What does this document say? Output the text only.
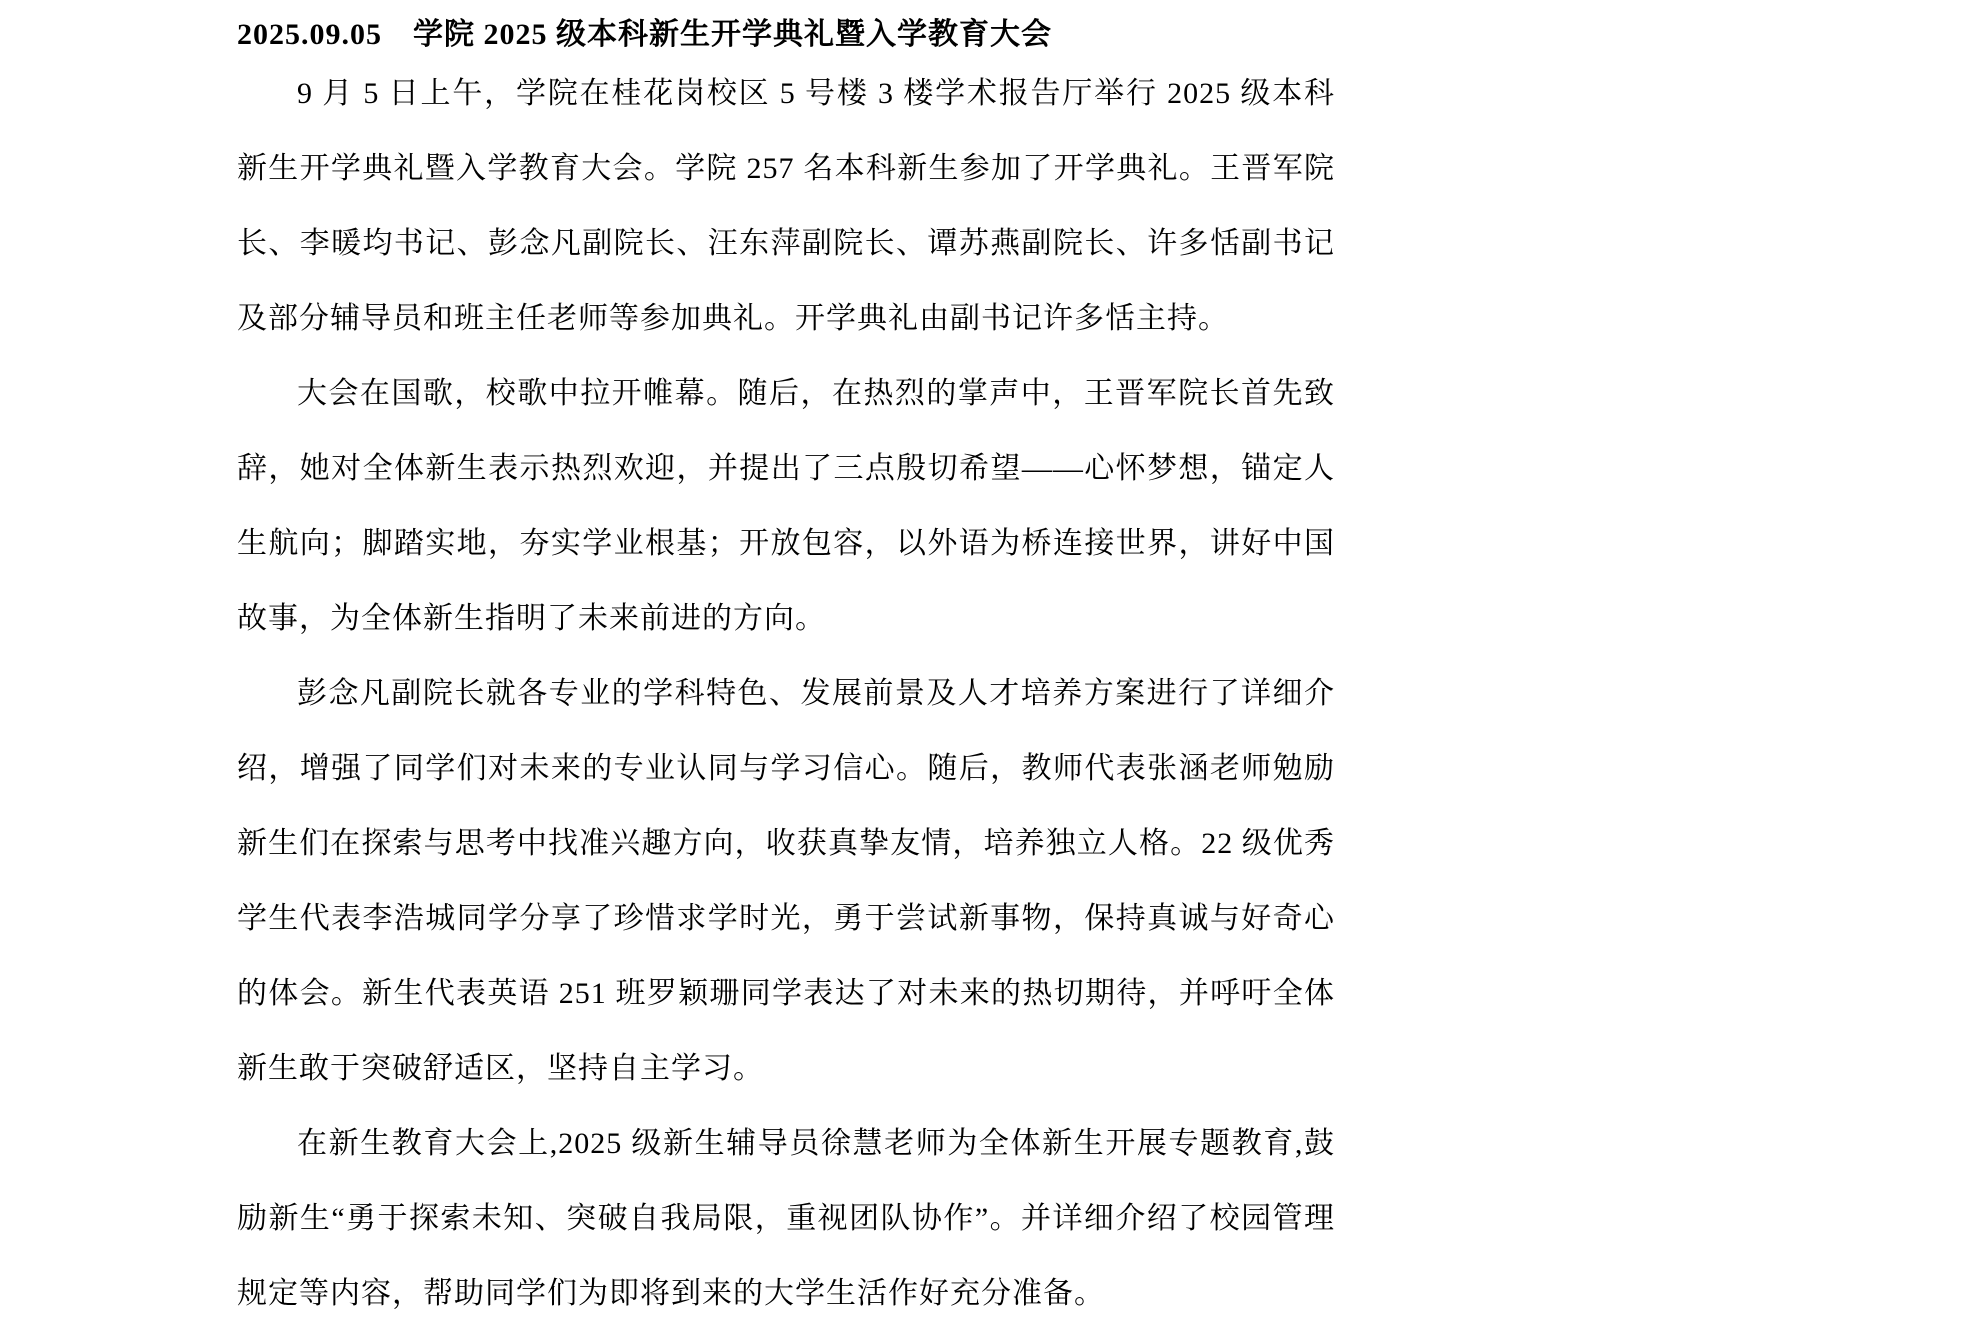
2025.09.05　学院 2025 级本科新生开学典礼暨入学教育大会

9 月 5 日上午，学院在桂花岗校区 5 号楼 3 楼学术报告厅举行 2025 级本科新生开学典礼暨入学教育大会。学院 257 名本科新生参加了开学典礼。王晋军院长、李暖均书记、彭念凡副院长、汪东萍副院长、谭苏燕副院长、许多恬副书记及部分辅导员和班主任老师等参加典礼。开学典礼由副书记许多恬主持。

大会在国歌，校歌中拉开帷幕。随后，在热烈的掌声中，王晋军院长首先致辞，她对全体新生表示热烈欢迎，并提出了三点殷切希望——心怀梦想，锚定人生航向；脚踏实地，夯实学业根基；开放包容，以外语为桥连接世界，讲好中国故事，为全体新生指明了未来前进的方向。

彭念凡副院长就各专业的学科特色、发展前景及人才培养方案进行了详细介绍，增强了同学们对未来的专业认同与学习信心。随后，教师代表张涵老师勉励新生们在探索与思考中找准兴趣方向，收获真挚友情，培养独立人格。22 级优秀学生代表李浩城同学分享了珍惜求学时光，勇于尝试新事物，保持真诚与好奇心的体会。新生代表英语 251 班罗颖珊同学表达了对未来的热切期待，并呼吁全体新生敢于突破舒适区，坚持自主学习。

在新生教育大会上,2025 级新生辅导员徐慧老师为全体新生开展专题教育,鼓励新生“勇于探索未知、突破自我局限，重视团队协作”。并详细介绍了校园管理规定等内容，帮助同学们为即将到来的大学生活作好充分准备。
